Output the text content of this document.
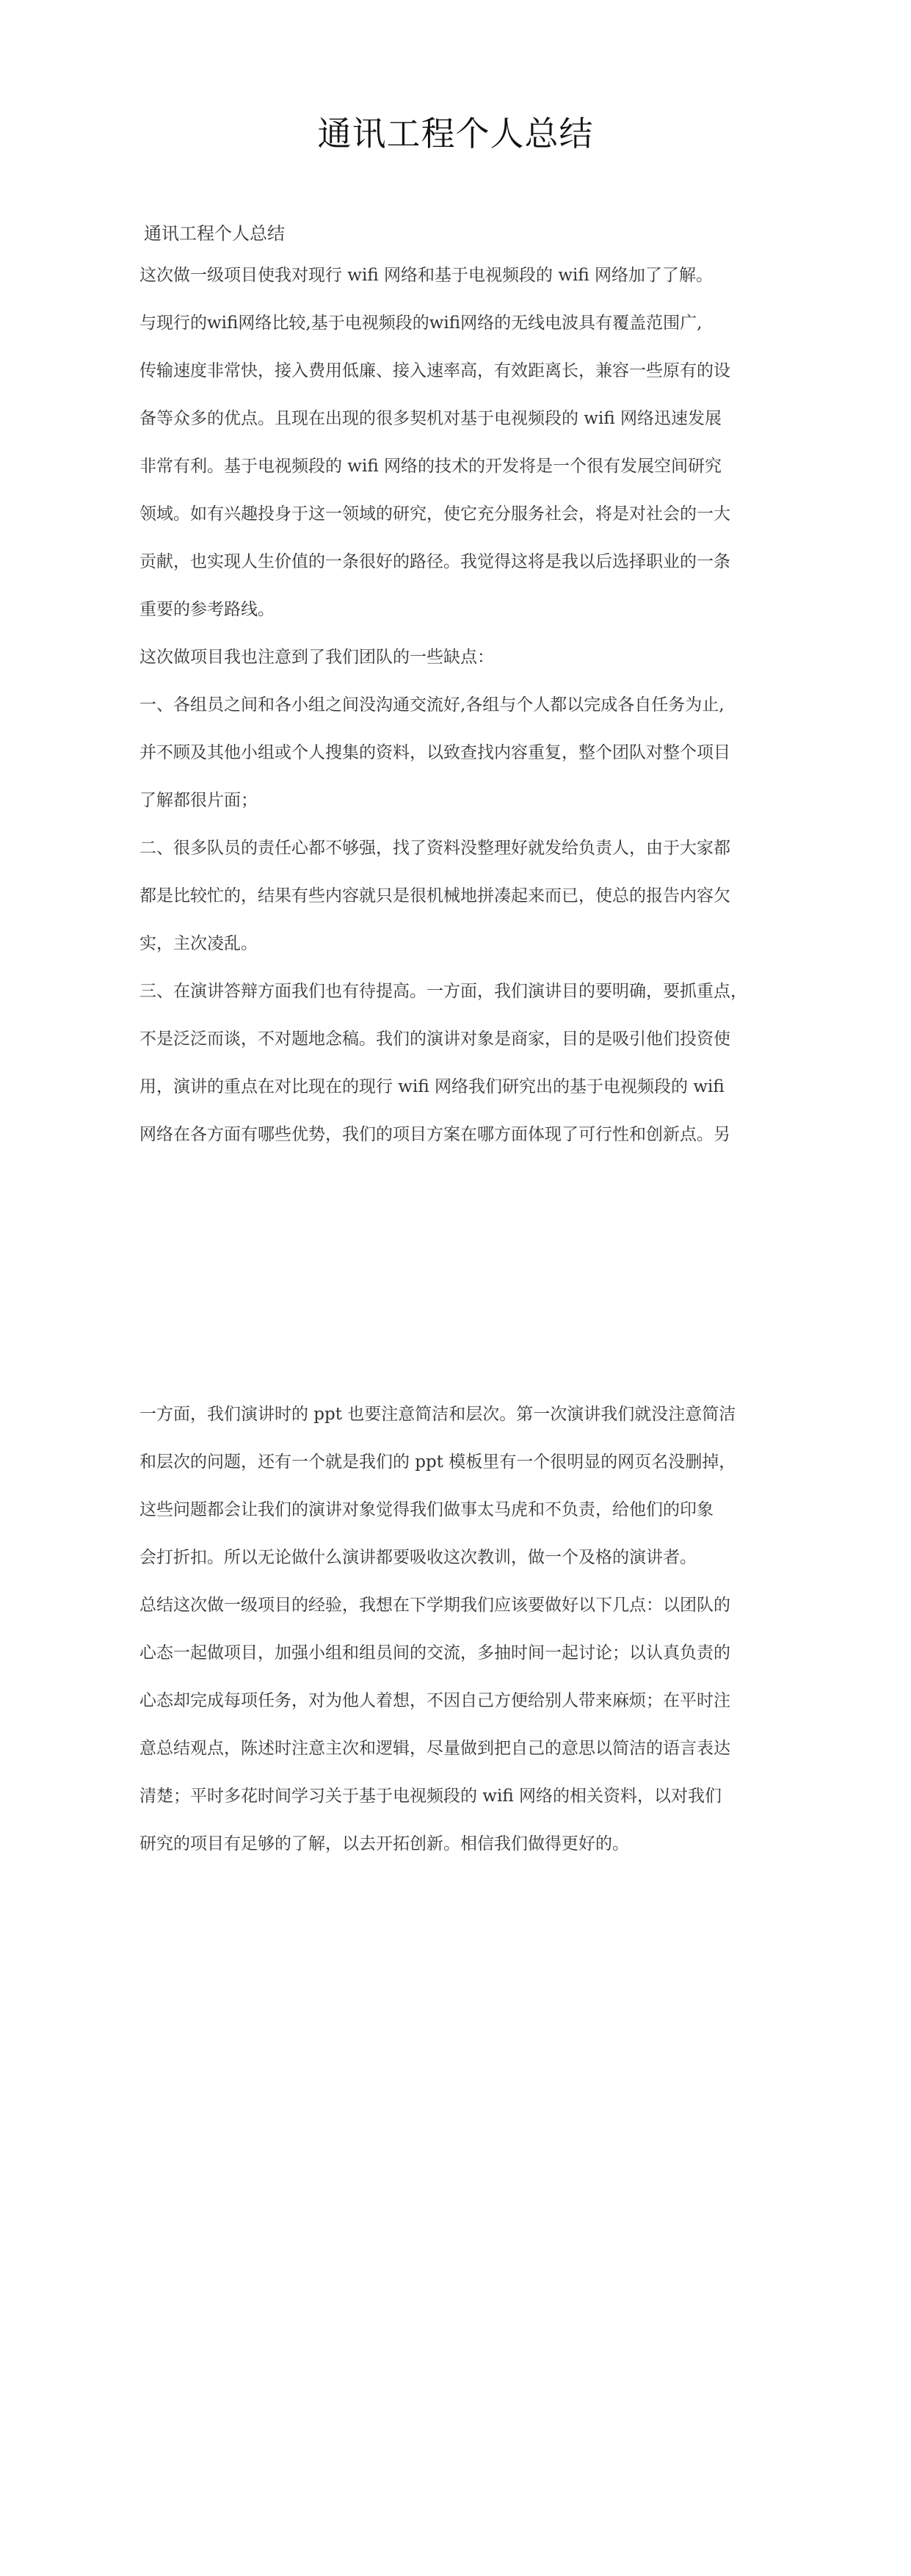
通讯工程个人总结

通讯工程个人总结

这次做一级项目使我对现行 wifi 网络和基于电视频段的 wifi 网络加了了解。
与现行的wifi网络比较,基于电视频段的wifi网络的无线电波具有覆盖范围广,
传输速度非常快，接入费用低廉、接入速率高，有效距离长，兼容一些原有的设
备等众多的优点。且现在出现的很多契机对基于电视频段的 wifi 网络迅速发展
非常有利。基于电视频段的 wifi 网络的技术的开发将是一个很有发展空间研究
领域。如有兴趣投身于这一领域的研究，使它充分服务社会，将是对社会的一大
贡献，也实现人生价值的一条很好的路径。我觉得这将是我以后选择职业的一条
重要的参考路线。
这次做项目我也注意到了我们团队的一些缺点：
一、各组员之间和各小组之间没沟通交流好,各组与个人都以完成各自任务为止,
并不顾及其他小组或个人搜集的资料，以致查找内容重复，整个团队对整个项目
了解都很片面；
二、很多队员的责任心都不够强，找了资料没整理好就发给负责人，由于大家都
都是比较忙的，结果有些内容就只是很机械地拼凑起来而已，使总的报告内容欠
实，主次凌乱。
三、在演讲答辩方面我们也有待提高。一方面，我们演讲目的要明确，要抓重点，
不是泛泛而谈，不对题地念稿。我们的演讲对象是商家，目的是吸引他们投资使
用，演讲的重点在对比现在的现行 wifi 网络我们研究出的基于电视频段的 wifi
网络在各方面有哪些优势，我们的项目方案在哪方面体现了可行性和创新点。另
一方面，我们演讲时的 ppt 也要注意简洁和层次。第一次演讲我们就没注意简洁
和层次的问题，还有一个就是我们的 ppt 模板里有一个很明显的网页名没删掉，
这些问题都会让我们的演讲对象觉得我们做事太马虎和不负责，给他们的印象
会打折扣。所以无论做什么演讲都要吸收这次教训，做一个及格的演讲者。
总结这次做一级项目的经验，我想在下学期我们应该要做好以下几点：以团队的
心态一起做项目，加强小组和组员间的交流，多抽时间一起讨论；以认真负责的
心态却完成每项任务，对为他人着想，不因自己方便给别人带来麻烦；在平时注
意总结观点，陈述时注意主次和逻辑，尽量做到把自己的意思以简洁的语言表达
清楚；平时多花时间学习关于基于电视频段的 wifi 网络的相关资料，以对我们
研究的项目有足够的了解，以去开拓创新。相信我们做得更好的。
